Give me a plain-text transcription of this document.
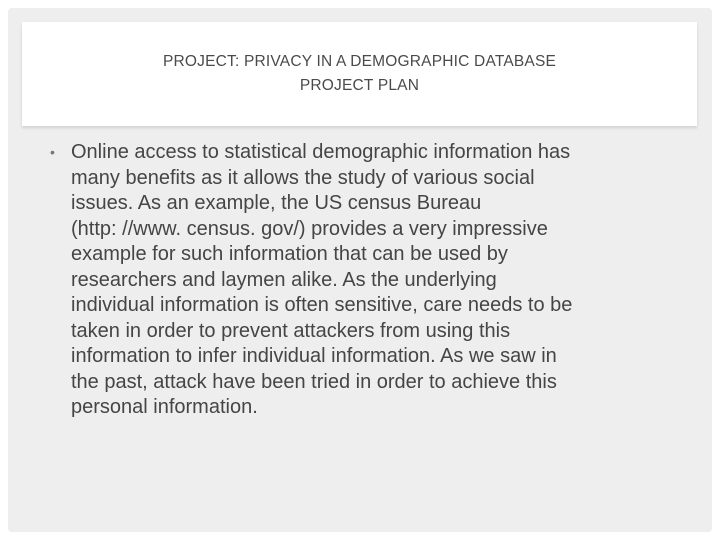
PROJECT: PRIVACY IN A DEMOGRAPHIC DATABASE
PROJECT PLAN
• Online access to statistical demographic information has
many benefits as it allows the study of various social
issues. As an example, the US census Bureau
(http: //www. census. gov/) provides a very impressive
example for such information that can be used by
researchers and laymen alike. As the underlying
individual information is often sensitive, care needs to be
taken in order to prevent attackers from using this
information to infer individual information. As we saw in
the past, attack have been tried in order to achieve this
personal information.
